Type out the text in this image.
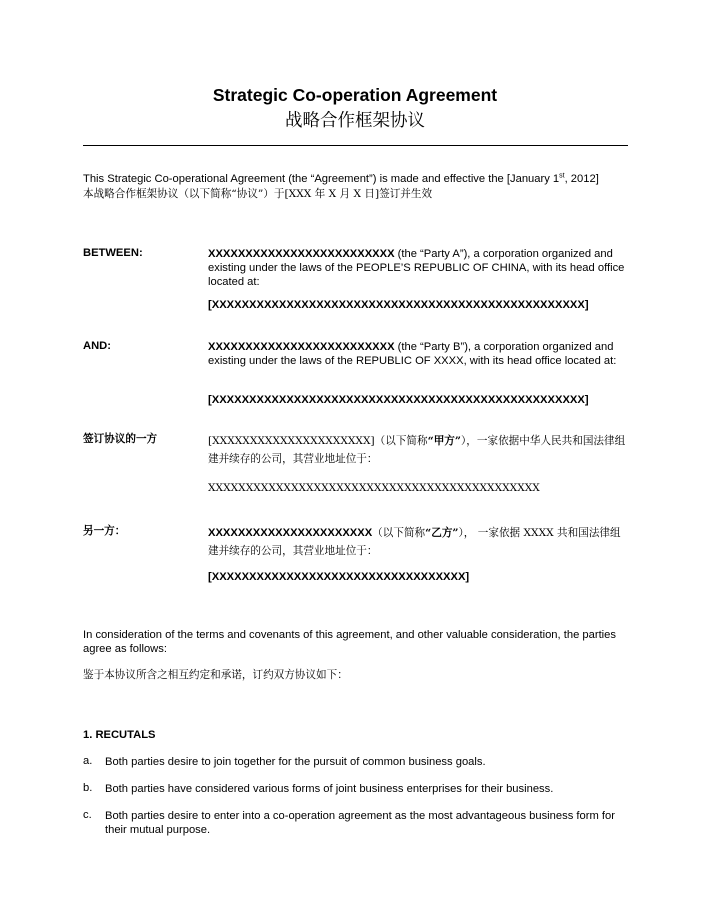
Strategic Co-operation Agreement
战略合作框架协议
This Strategic Co-operational Agreement (the “Agreement”) is made and effective the [January 1st, 2012]
本战略合作框架协议（以下简称“协议”）于[XXX 年 X 月 X 日]签订并生效
BETWEEN:	XXXXXXXXXXXXXXXXXXXXXXXXX (the “Party A”), a corporation organized and existing under the laws of the PEOPLE’S REPUBLIC OF CHINA, with its head office located at:
[XXXXXXXXXXXXXXXXXXXXXXXXXXXXXXXXXXXXXXXXXXXXXXXXXX]
AND:	XXXXXXXXXXXXXXXXXXXXXXXXX (the “Party B”), a corporation organized and existing under the laws of the REPUBLIC OF XXXX, with its head office located at:
[XXXXXXXXXXXXXXXXXXXXXXXXXXXXXXXXXXXXXXXXXXXXXXXXXX]
签订协议的一方	[XXXXXXXXXXXXXXXXXXXXX]（以下简称“甲方”），一家依据中华人民共和国法律组建并续存的公司，其营业地址位于：
XXXXXXXXXXXXXXXXXXXXXXXXXXXXXXXXXXXXXXXXXXXX
另一方：	XXXXXXXXXXXXXXXXXXXXXX（以下简称“乙方”）， 一家依据 XXXX 共和国法律组建并续存的公司，其营业地址位于：
[XXXXXXXXXXXXXXXXXXXXXXXXXXXXXXXXXX]
In consideration of the terms and covenants of this agreement, and other valuable consideration, the parties agree as follows:
鉴于本协议所含之相互约定和承诺，订约双方协议如下：
1. RECUTALS
a. Both parties desire to join together for the pursuit of common business goals.
b. Both parties have considered various forms of joint business enterprises for their business.
c. Both parties desire to enter into a co-operation agreement as the most advantageous business form for their mutual purpose.
